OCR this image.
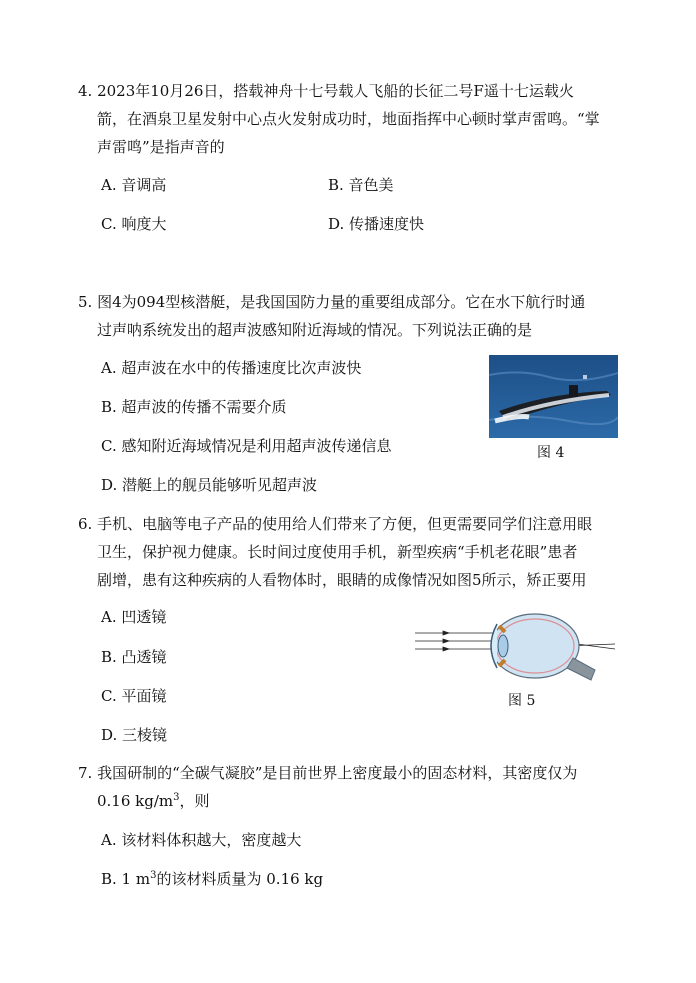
4. 2023年10月26日，搭载神舟十七号载人飞船的长征二号F遥十七运载火
箭，在酒泉卫星发射中心点火发射成功时，地面指挥中心顿时掌声雷鸣。“掌
声雷鸣”是指声音的
A. 音调高	B. 音色美
C. 响度大	D. 传播速度快
5. 图4为094型核潜艇，是我国国防力量的重要组成部分。它在水下航行时通
过声呐系统发出的超声波感知附近海域的情况。下列说法正确的是
A. 超声波在水中的传播速度比次声波快
B. 超声波的传播不需要介质
C. 感知附近海域情况是利用超声波传递信息
D. 潜艇上的舰员能够听见超声波
图 4
6. 手机、电脑等电子产品的使用给人们带来了方便，但更需要同学们注意用眼
卫生，保护视力健康。长时间过度使用手机，新型疾病“手机老花眼”患者
剧增，患有这种疾病的人看物体时，眼睛的成像情况如图5所示，矫正要用
A. 凹透镜
B. 凸透镜
C. 平面镜
D. 三棱镜
图 5
7. 我国研制的“全碳气凝胶”是目前世界上密度最小的固态材料，其密度仅为
0.16 $kg/m^3$，则
A. 该材料体积越大，密度越大
B. 1 $m^3$的该材料质量为 0.16 kg
